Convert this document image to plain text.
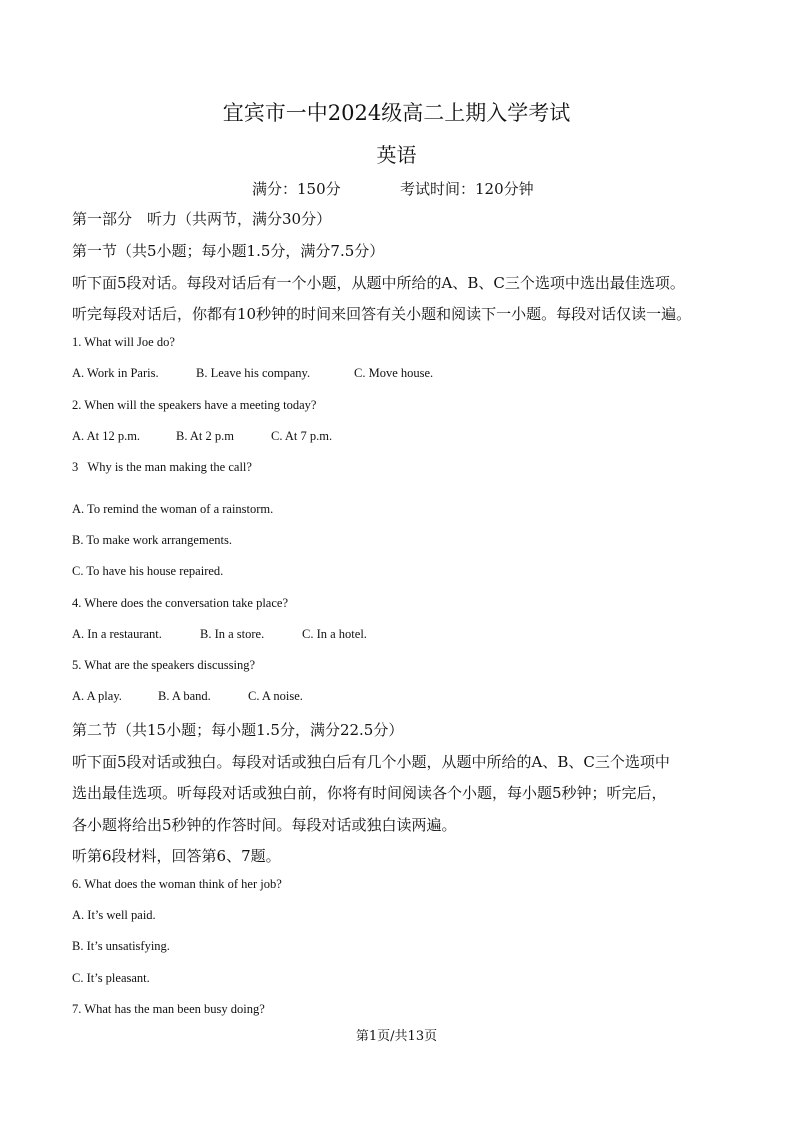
宜宾市一中2024级高二上期入学考试
英语
满分：150分	考试时间：120分钟
第一部分　听力（共两节，满分30分）
第一节（共5小题；每小题1.5分，满分7.5分）
听下面5段对话。每段对话后有一个小题，从题中所给的A、B、C三个选项中选出最佳选项。
听完每段对话后，你都有10秒钟的时间来回答有关小题和阅读下一小题。每段对话仅读一遍。
1. What will Joe do?
A. Work in Paris.	B. Leave his company.	C. Move house.
2. When will the speakers have a meeting today?
A. At 12 p.m.	B. At 2 p.m	C. At 7 p.m.
3   Why is the man making the call?
A. To remind the woman of a rainstorm.
B. To make work arrangements.
C. To have his house repaired.
4. Where does the conversation take place?
A. In a restaurant.	B. In a store.	C. In a hotel.
5. What are the speakers discussing?
A. A play.	B. A band.	C. A noise.
第二节（共15小题；每小题1.5分，满分22.5分）
听下面5段对话或独白。每段对话或独白后有几个小题，从题中所给的A、B、C三个选项中
选出最佳选项。听每段对话或独白前，你将有时间阅读各个小题，每小题5秒钟；听完后，
各小题将给出5秒钟的作答时间。每段对话或独白读两遍。
听第6段材料，回答第6、7题。
6. What does the woman think of her job?
A. It’s well paid.
B. It’s unsatisfying.
C. It’s pleasant.
7. What has the man been busy doing?
第1页/共13页
